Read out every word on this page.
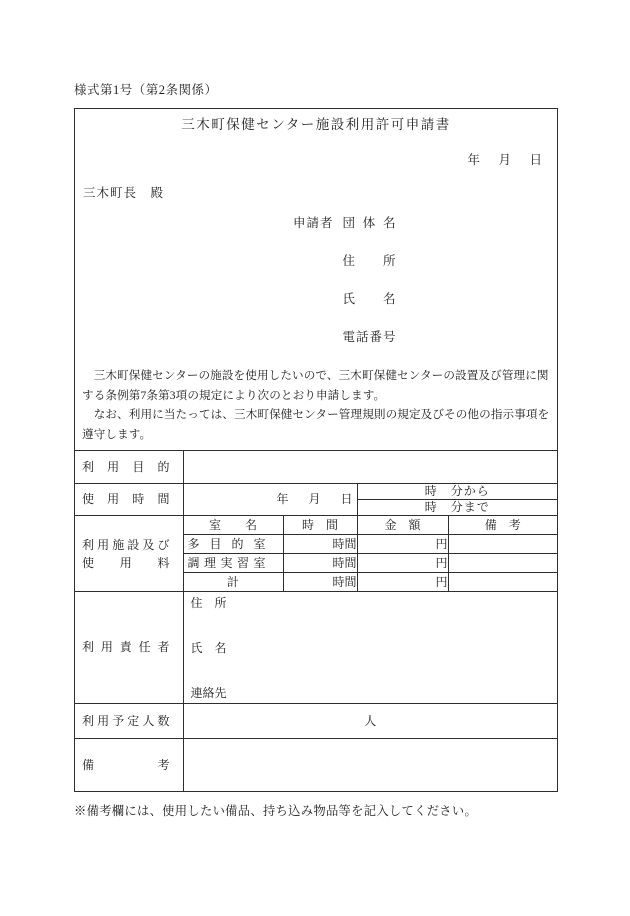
様式第1号（第2条関係）
三木町保健センター施設利用許可申請書
年　月　日
三木町長　殿
申請者 団体名
住所
氏名
電話番号
　三木町保健センターの施設を使用したいので、三木町保健センターの設置及び管理に関
する条例第7条第3項の規定により次のとおり申請します。
　なお、利用に当たっては、三木町保健センター管理規則の規定及びその他の指示事項を
遵守します。
利用目的				

使用時間	年　月　日		時　分から	
			時　分まで	

利用施設及び
使用料	室　　名	時　間	金　額	備　考

	多目的室	時間	円	

	調理実習室	時間	円	
	計	時間	円	

利用責任者	住　所
氏　名
連絡先			

利用予定人数	人			

備考				

※備考欄には、使用したい備品、持ち込み物品等を記入してください。
